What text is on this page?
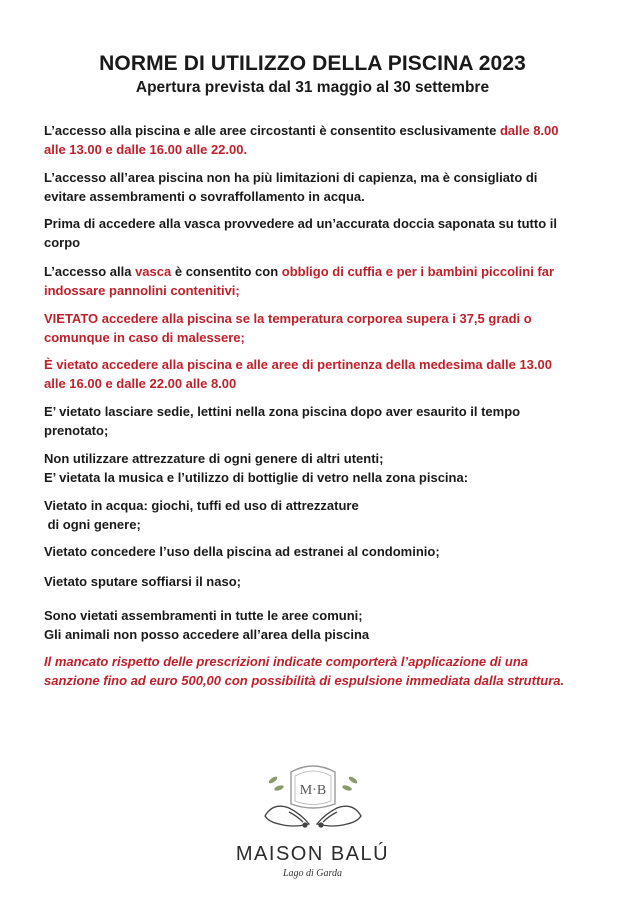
NORME DI UTILIZZO DELLA PISCINA 2023

Apertura prevista dal 31 maggio al 30 settembre

L’accesso alla piscina e alle aree circostanti è consentito esclusivamente dalle 8.00
alle 13.00 e dalle 16.00 alle 22.00.

L’accesso all’area piscina non ha più limitazioni di capienza, ma è consigliato di
evitare assembramenti o sovraffollamento in acqua.

Prima di accedere alla vasca provvedere ad un’accurata doccia saponata su tutto il
corpo

L’accesso alla vasca è consentito con obbligo di cuffia e per i bambini piccolini far
indossare pannolini contenitivi;

VIETATO accedere alla piscina se la temperatura corporea supera i 37,5 gradi o
comunque in caso di malessere;

È vietato accedere alla piscina e alle aree di pertinenza della medesima dalle 13.00
alle 16.00 e dalle 22.00 alle 8.00

E’ vietato lasciare sedie, lettini nella zona piscina dopo aver esaurito il tempo
prenotato;

Non utilizzare attrezzature di ogni genere di altri utenti;
E’ vietata la musica e l’utilizzo di bottiglie di vetro nella zona piscina:

Vietato in acqua: giochi, tuffi ed uso di attrezzature
di ogni genere;

Vietato concedere l’uso della piscina ad estranei al condominio;

Vietato sputare soffiarsi il naso;

Sono vietati assembramenti in tutte le aree comuni;
Gli animali non posso accedere all’area della piscina

Il mancato rispetto delle prescrizioni indicate comporterà l’applicazione di una
sanzione fino ad euro 500,00 con possibilità di espulsione immediata dalla struttura.

M·B
MAISON BALÚ
Lago di Garda
